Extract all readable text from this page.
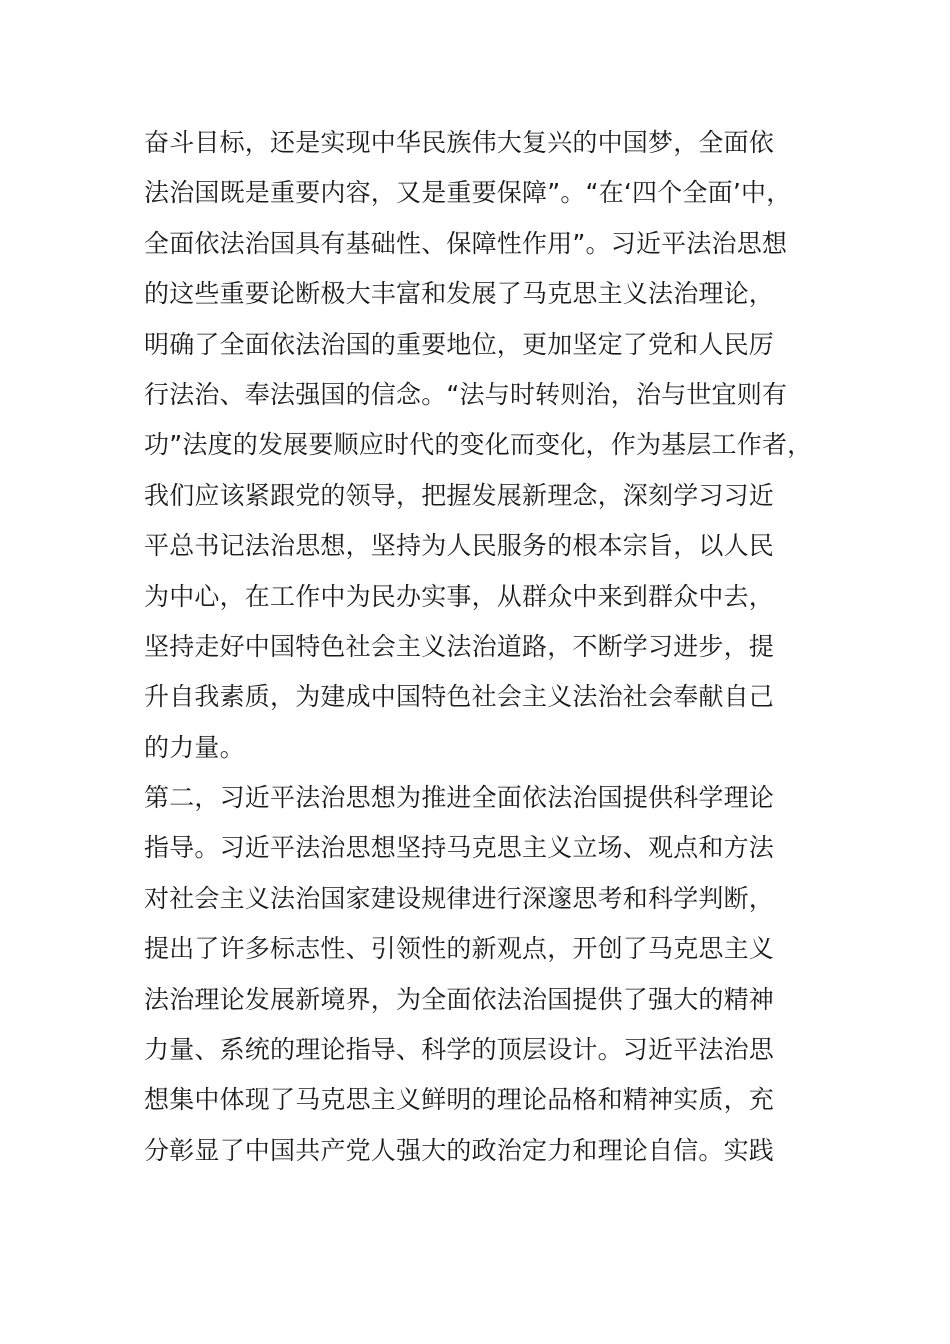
奋斗目标，还是实现中华民族伟大复兴的中国梦，全面依
法治国既是重要内容，又是重要保障”。“在‘四个全面’中，
全面依法治国具有基础性、保障性作用”。习近平法治思想
的这些重要论断极大丰富和发展了马克思主义法治理论，
明确了全面依法治国的重要地位，更加坚定了党和人民厉
行法治、奉法强国的信念。“法与时转则治，治与世宜则有
功”法度的发展要顺应时代的变化而变化，作为基层工作者，
我们应该紧跟党的领导，把握发展新理念，深刻学习习近
平总书记法治思想，坚持为人民服务的根本宗旨，以人民
为中心，在工作中为民办实事，从群众中来到群众中去，
坚持走好中国特色社会主义法治道路，不断学习进步，提
升自我素质，为建成中国特色社会主义法治社会奉献自己
的力量。
第二，习近平法治思想为推进全面依法治国提供科学理论
指导。习近平法治思想坚持马克思主义立场、观点和方法
对社会主义法治国家建设规律进行深邃思考和科学判断，
提出了许多标志性、引领性的新观点，开创了马克思主义
法治理论发展新境界，为全面依法治国提供了强大的精神
力量、系统的理论指导、科学的顶层设计。习近平法治思
想集中体现了马克思主义鲜明的理论品格和精神实质，充
分彰显了中国共产党人强大的政治定力和理论自信。实践
